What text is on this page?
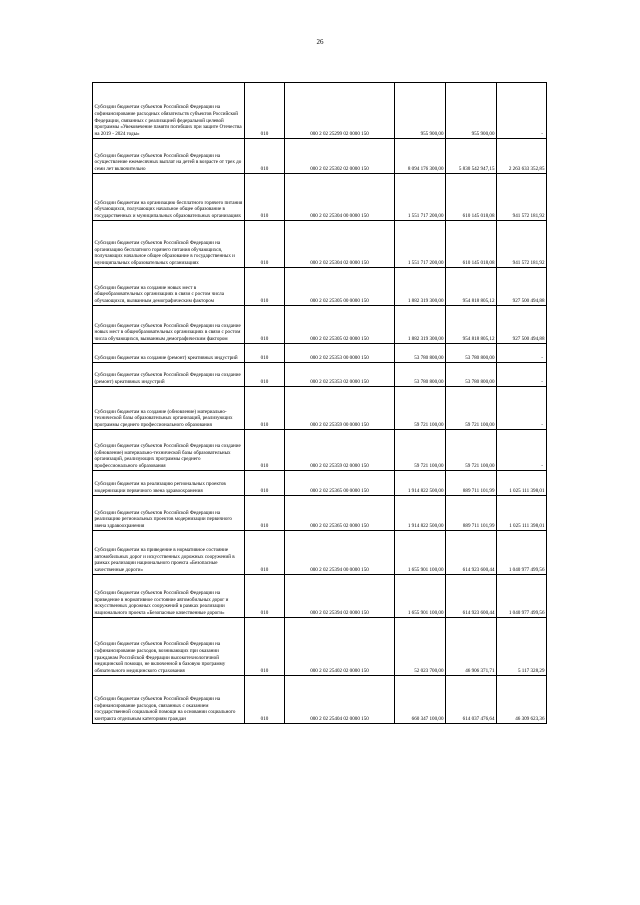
26
Субсидии бюджетам субъектов Российской Федерации на софинансирование расходных обязательств субъектов Российской Федерации, связанных с реализацией федеральной целевой программы «Увековечение памяти погибших при защите Отечества на 2019 - 2024 годы»	010	000 2 02 25299 02 0000 150	955 900,00	955 900,00	-
Субсидии бюджетам субъектов Российской Федерации на осуществление ежемесячных выплат на детей в возрасте от трех до семи лет включительно	010	000 2 02 25302 02 0000 150	8 094 176 300,00	5 830 542 947,15	2 263 633 352,85
Субсидии бюджетам на организацию бесплатного горячего питания обучающихся, получающих начальное общее образование в государственных и муниципальных образовательных организациях	010	000 2 02 25304 00 0000 150	1 551 717 200,00	610 145 018,08	941 572 181,92
Субсидии бюджетам субъектов Российской Федерации на организацию бесплатного горячего питания обучающихся, получающих начальное общее образование в государственных и муниципальных образовательных организациях	010	000 2 02 25304 02 0000 150	1 551 717 200,00	610 145 018,08	941 572 181,92
Субсидии бюджетам на создание новых мест в общеобразовательных организациях в связи с ростом числа обучающихся, вызванным демографическим фактором	010	000 2 02 25305 00 0000 150	1 882 319 300,00	954 818 805,12	927 500 494,88
Субсидии бюджетам субъектов Российской Федерации на создание новых мест в общеобразовательных организациях в связи с ростом числа обучающихся, вызванным демографическим фактором	010	000 2 02 25305 02 0000 150	1 882 319 300,00	954 818 805,12	927 500 494,88
Субсидии бюджетам на создание (ремонт) креативных индустрий	010	000 2 02 25353 00 0000 150	53 780 800,00	53 780 800,00	-
Субсидии бюджетам субъектов Российской Федерации на создание (ремонт) креативных индустрий	010	000 2 02 25353 02 0000 150	53 780 800,00	53 780 800,00	-
Субсидии бюджетам на создание (обновление) материально-технической базы образовательных организаций, реализующих программы среднего профессионального образования	010	000 2 02 25359 00 0000 150	59 721 100,00	59 721 100,00	-
Субсидии бюджетам субъектов Российской Федерации на создание (обновление) материально-технической базы образовательных организаций, реализующих программы среднего профессионального образования	010	000 2 02 25359 02 0000 150	59 721 100,00	59 721 100,00	-
Субсидии бюджетам на реализацию региональных проектов модернизации первичного звена здравоохранения	010	000 2 02 25365 00 0000 150	1 914 822 500,00	889 711 101,99	1 025 111 398,01
Субсидии бюджетам субъектов Российской Федерации на реализацию региональных проектов модернизации первичного звена здравоохранения	010	000 2 02 25365 02 0000 150	1 914 822 500,00	889 711 101,99	1 025 111 398,01
Субсидии бюджетам на приведение в нормативное состояние автомобильных дорог и искусственных дорожных сооружений в рамках реализации национального проекта «Безопасные качественные дороги»	010	000 2 02 25394 00 0000 150	1 655 901 100,00	614 923 600,44	1 040 977 499,56
Субсидии бюджетам субъектов Российской Федерации на приведение в нормативное состояние автомобильных дорог и искусственных дорожных сооружений в рамках реализации национального проекта «Безопасные качественные дороги»	010	000 2 02 25394 02 0000 150	1 655 901 100,00	614 923 600,44	1 040 977 499,56
Субсидии бюджетам субъектов Российской Федерации на софинансирование расходов, возникающих при оказании гражданам Российской Федерации высокотехнологичной медицинской помощи, не включенной в базовую программу обязательного медицинского страхования	010	000 2 02 25402 02 0000 150	52 023 700,00	46 906 371,71	5 117 328,29
Субсидии бюджетам субъектов Российской Федерации на софинансирование расходов, связанных с оказанием государственной социальной помощи на основании социального контракта отдельным категориям граждан	010	000 2 02 25404 02 0000 150	660 347 100,00	614 037 476,64	46 309 623,36
